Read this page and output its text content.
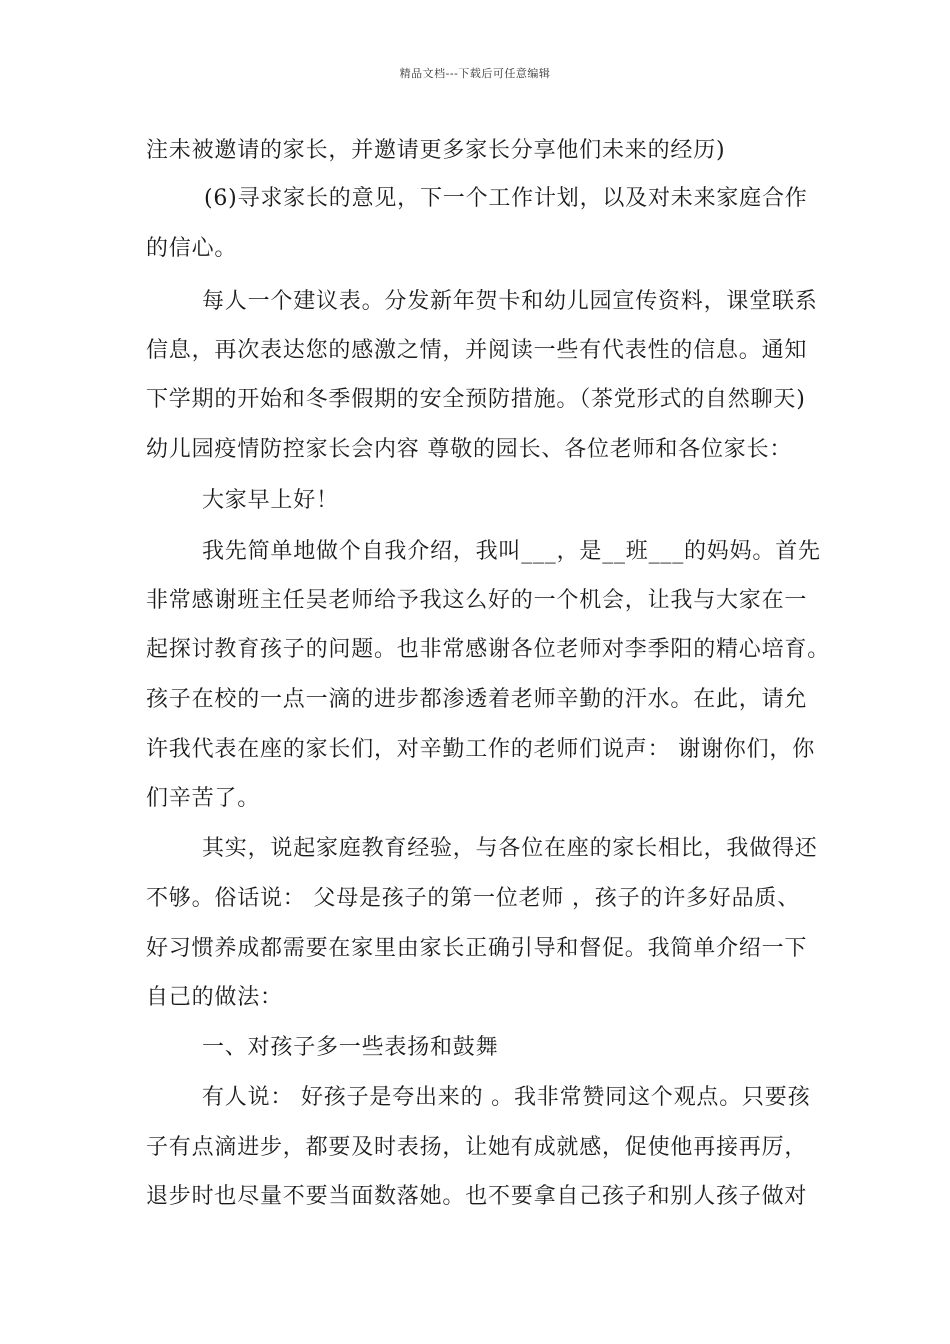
精品文档---下载后可任意编辑

注未被邀请的家长，并邀请更多家长分享他们未来的经历)

(6)寻求家长的意见，下一个工作计划，以及对未来家庭合作

的信心。

每人一个建议表。分发新年贺卡和幼儿园宣传资料，课堂联系

信息，再次表达您的感激之情，并阅读一些有代表性的信息。通知

下学期的开始和冬季假期的安全预防措施。（茶党形式的自然聊天)

幼儿园疫情防控家长会内容 尊敬的园长、各位老师和各位家长：

大家早上好！

我先简单地做个自我介绍，我叫___，是__班___的妈妈。首先

非常感谢班主任吴老师给予我这么好的一个机会，让我与大家在一

起探讨教育孩子的问题。也非常感谢各位老师对李季阳的精心培育。

孩子在校的一点一滴的进步都渗透着老师辛勤的汗水。在此，请允

许我代表在座的家长们，对辛勤工作的老师们说声： 谢谢你们，你

们辛苦了。

其实，说起家庭教育经验，与各位在座的家长相比，我做得还

不够。俗话说： 父母是孩子的第一位老师 ，孩子的许多好品质、

好习惯养成都需要在家里由家长正确引导和督促。我简单介绍一下

自己的做法：

一、对孩子多一些表扬和鼓舞

有人说： 好孩子是夸出来的 。我非常赞同这个观点。只要孩

子有点滴进步，都要及时表扬，让她有成就感，促使他再接再厉，

退步时也尽量不要当面数落她。也不要拿自己孩子和别人孩子做对
